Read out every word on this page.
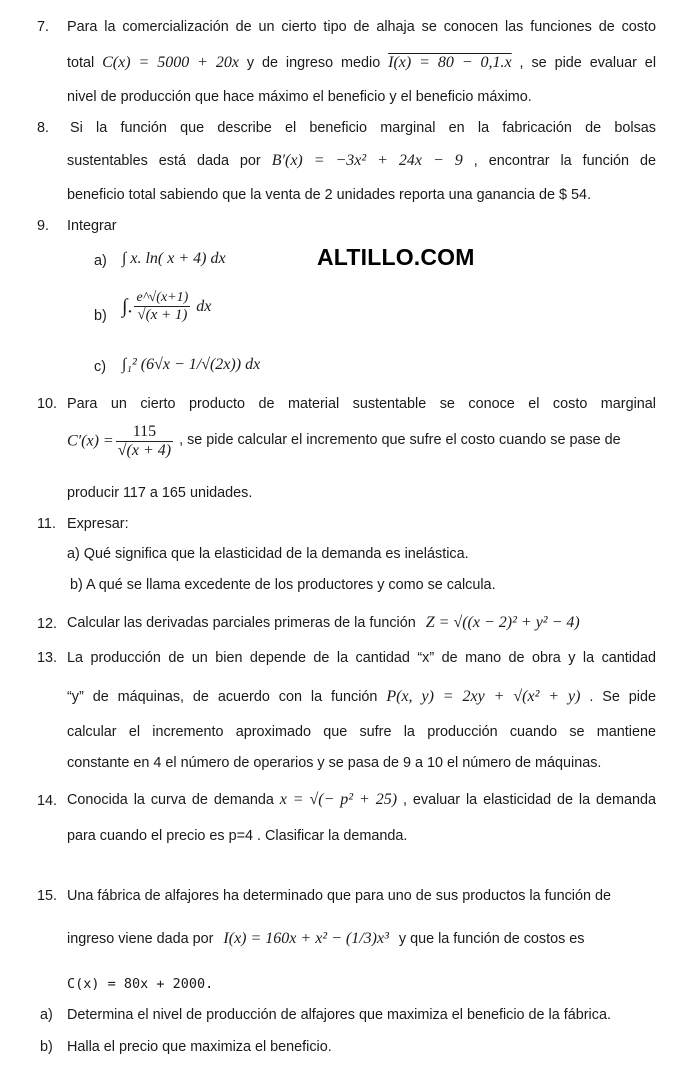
ALTILLO.COM
7.	Para la comercialización de un cierto tipo de alhaja se conocen las funciones de costo
total C(x) = 5000 + 20x y de ingreso medio I(x) = 80 − 0,1.x , se pide evaluar el
nivel de producción que hace máximo el beneficio y el beneficio máximo.
8.	Si la función que describe el beneficio marginal en la fabricación de bolsas
sustentables está dada por B′(x) = −3x² + 24x − 9 , encontrar la función de
beneficio total sabiendo que la venta de 2 unidades reporta una ganancia de $ 54.
9.	Integrar
a) ∫ x. ln( x + 4) dx
b) ∫. $\frac{e\^{}√(x+1)}{√(x + 1)}$ dx
c)	∫₁² (6√x − 1/√(2x)) dx
10. Para un cierto producto de material sustentable se conoce el costo marginal
$C'(x) = \frac{115}{√(x + 4)}$ , se pide calcular el incremento que sufre el costo cuando se pase de
producir 117 a 165 unidades.
11. Expresar:
a) Qué significa que la elasticidad de la demanda es inelástica.
b) A qué se llama excedente de los productores y como se calcula.
12. Calcular las derivadas parciales primeras de la función Z = √((x − 2)² + y² − 4)
13. La producción de un bien depende de la cantidad “x” de mano de obra y la cantidad
“y” de máquinas, de acuerdo con la función P(x, y) = 2xy + √(x² + y) . Se pide
calcular el incremento aproximado que sufre la producción cuando se mantiene
constante en 4 el número de operarios y se pasa de 9 a 10 el número de máquinas.
14. Conocida la curva de demanda x = √(− p² + 25) , evaluar la elasticidad de la demanda
para cuando el precio es p=4 . Clasificar la demanda.
15. Una fábrica de alfajores ha determinado que para uno de sus productos la función de
ingreso viene dada por I(x) = 160x + x² − (1/3)x³ y que la función de costos es
C(x) = 80x + 2000.
a) Determina el nivel de producción de alfajores que maximiza el beneficio de la fábrica.
b) Halla el precio que maximiza el beneficio.
